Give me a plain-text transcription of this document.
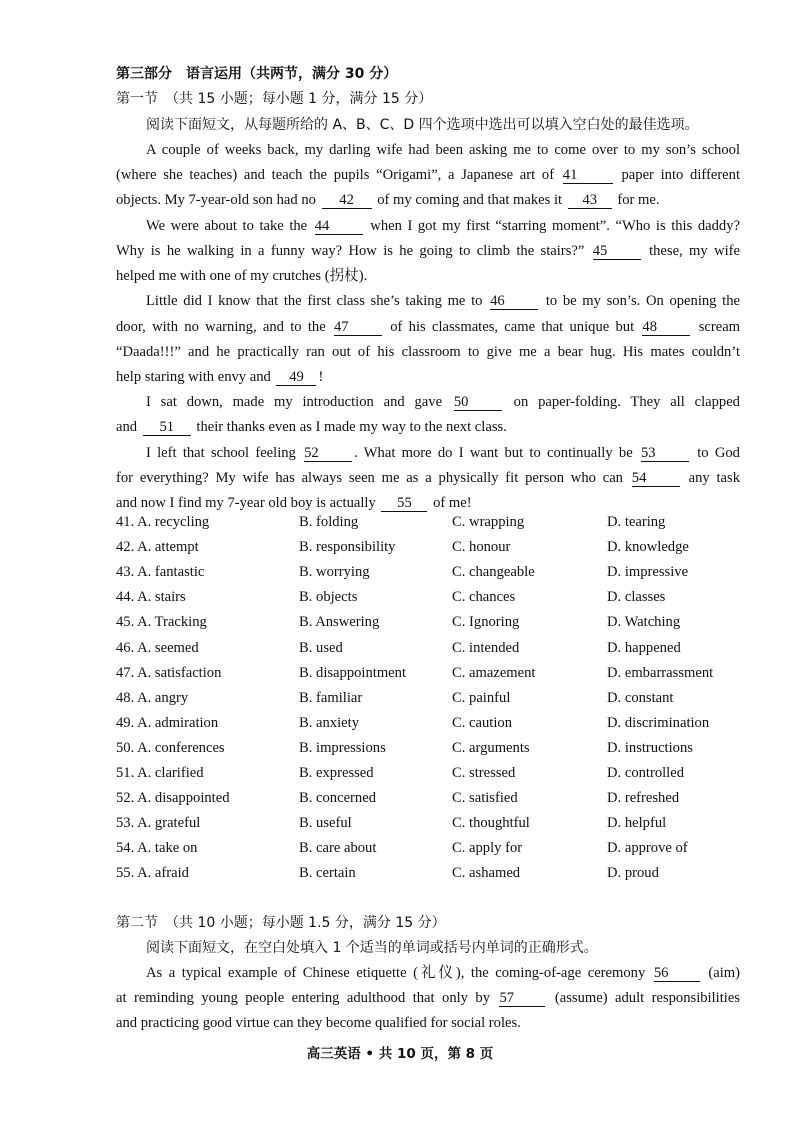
第三部分　语言运用（共两节，满分 30 分）
第一节　（共 15 小题；每小题 1 分，满分 15 分）
阅读下面短文，从每题所给的 A、B、C、D 四个选项中选出可以填入空白处的最佳选项。
A couple of weeks back, my darling wife had been asking me to come over to my son’s school
(where she teaches) and teach the pupils “Origami”, a Japanese art of 41	paper into different
objects. My 7-year-old son had no 42 of my coming and that makes it 43 for me.
We were about to take the 44	when I got my first “starring moment”. “Who is this daddy?
Why is he walking in a funny way? How is he going to climb the stairs?” 45	these, my wife
helped me with one of my crutches (拐杖).
Little did I know that the first class she’s taking me to 46	to be my son’s. On opening the
door, with no warning, and to the 47	of his classmates, came that unique but 48	scream
“Daada!!!” and he practically ran out of his classroom to give me a bear hug. His mates couldn’t
help staring with envy and 49 !
I sat down, made my introduction and gave 50	on paper-folding. They all clapped
and 51 their thanks even as I made my way to the next class.
I left that school feeling 52 . What more do I want but to continually be 53	to God
for everything? My wife has always seen me as a physically fit person who can 54	any task
and now I find my 7-year old boy is actually 55 of me!
41. A. recycling	B. folding	C. wrapping	D. tearing
42. A. attempt	B. responsibility	C. honour	D. knowledge
43. A. fantastic	B. worrying	C. changeable	D. impressive
44. A. stairs	B. objects	C. chances	D. classes
45. A. Tracking	B. Answering	C. Ignoring	D. Watching
46. A. seemed	B. used	C. intended	D. happened
47. A. satisfaction	B. disappointment	C. amazement	D. embarrassment
48. A. angry	B. familiar	C. painful	D. constant
49. A. admiration	B. anxiety	C. caution	D. discrimination
50. A. conferences	B. impressions	C. arguments	D. instructions
51. A. clarified	B. expressed	C. stressed	D. controlled
52. A. disappointed	B. concerned	C. satisfied	D. refreshed
53. A. grateful	B. useful	C. thoughtful	D. helpful
54. A. take on	B. care about	C. apply for	D. approve of
55. A. afraid	B. certain	C. ashamed	D. proud
第二节　（共 10 小题；每小题 1.5 分，满分 15 分）
阅读下面短文，在空白处填入 1 个适当的单词或括号内单词的正确形式。
As a typical example of Chinese etiquette (礼仪), the coming-of-age ceremony 56	(aim)
at reminding young people entering adulthood that only by 57	(assume) adult responsibilities
and practicing good virtue can they become qualified for social roles.
高三英语 • 共 10 页，第 8 页
